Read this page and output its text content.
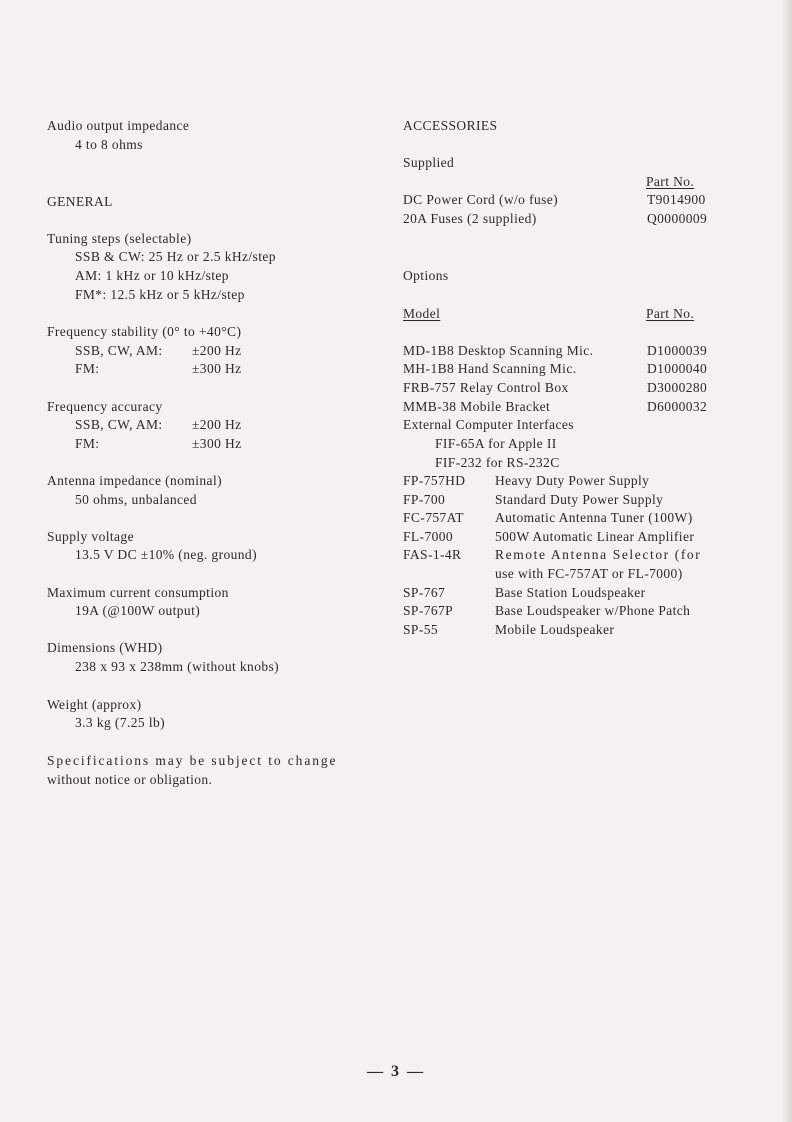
Audio output impedance
4 to 8 ohms
GENERAL
Tuning steps (selectable)
SSB & CW: 25 Hz or 2.5 kHz/step
AM: 1 kHz or 10 kHz/step
FM*: 12.5 kHz or 5 kHz/step
Frequency stability (0° to +40°C)
SSB, CW, AM: ±200 Hz
FM:	±300 Hz
Frequency accuracy
SSB, CW, AM: ±200 Hz
FM:	±300 Hz
Antenna impedance (nominal)
50 ohms, unbalanced
Supply voltage
13.5 V DC ±10% (neg. ground)
Maximum current consumption
19A (@100W output)
Dimensions (WHD)
238 x 93 x 238mm (without knobs)
Weight (approx)
3.3 kg (7.25 lb)
Specifications may be subject to change
without notice or obligation.
ACCESSORIES
Supplied
Part No.
DC Power Cord (w/o fuse)	T9014900
20A Fuses (2 supplied)	Q0000009
Options
Model	Part No.
MD-1B8 Desktop Scanning Mic.	D1000039
MH-1B8 Hand Scanning Mic.	D1000040
FRB-757 Relay Control Box	D3000280
MMB-38 Mobile Bracket	D6000032
External Computer Interfaces
FIF-65A for Apple II
FIF-232 for RS-232C
FP-757HD Heavy Duty Power Supply
FP-700	Standard Duty Power Supply
FC-757AT Automatic Antenna Tuner (100W)
FL-7000	500W Automatic Linear Amplifier
FAS-1-4R Remote Antenna Selector (for
use with FC-757AT or FL-7000)
SP-767	Base Station Loudspeaker
SP-767P	Base Loudspeaker w/Phone Patch
SP-55	Mobile Loudspeaker
— 3 —
